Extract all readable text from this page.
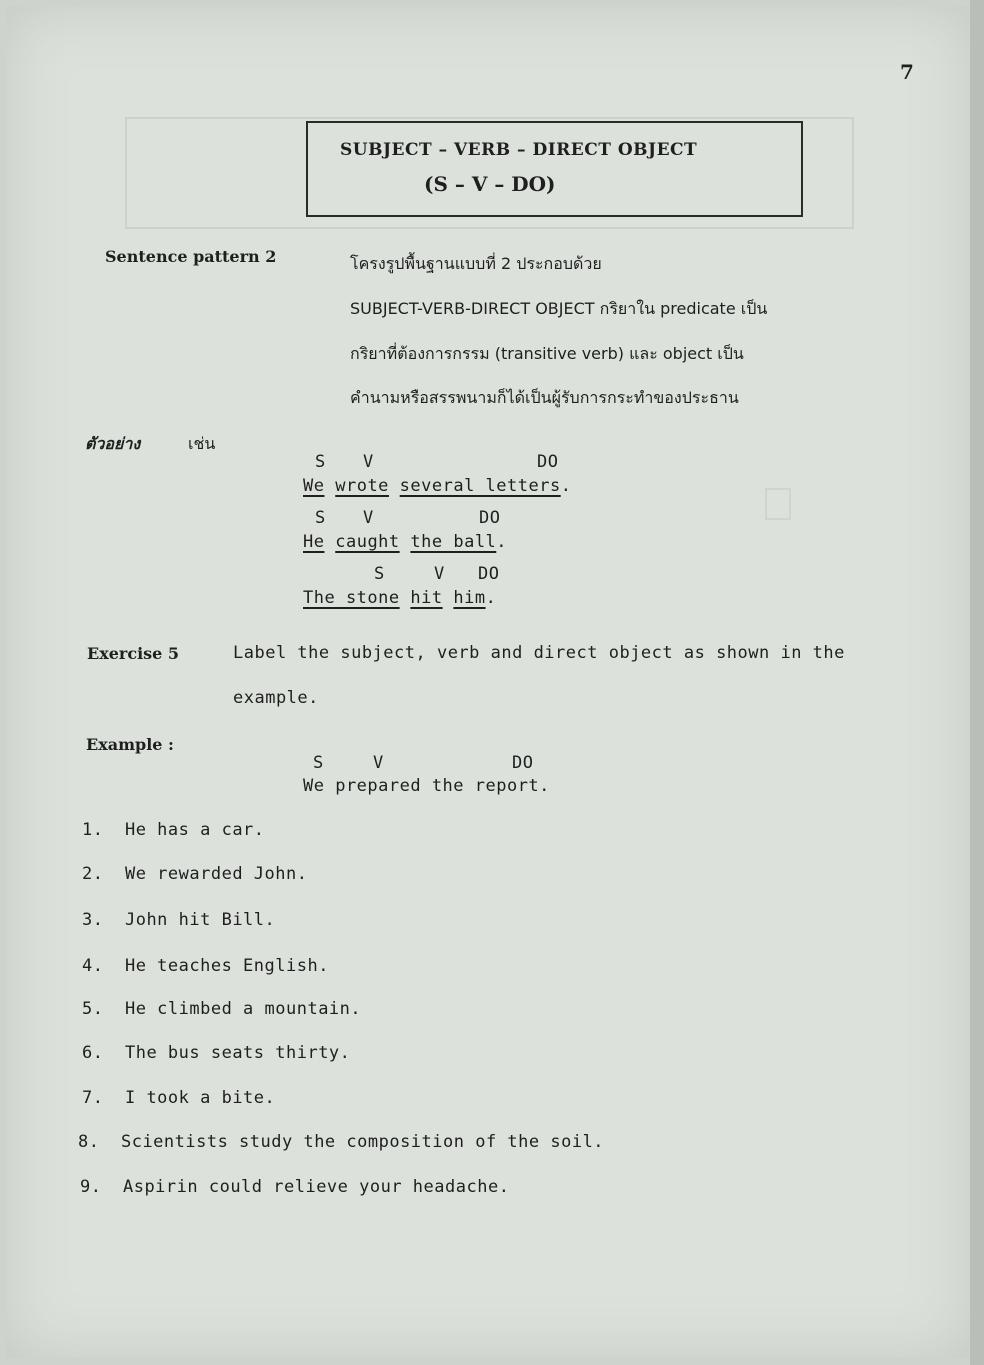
7
SUBJECT – VERB – DIRECT OBJECT
(S – V – DO)
Sentence pattern 2	โครงรูปพื้นฐานแบบที่ 2 ประกอบด้วย
SUBJECT-VERB-DIRECT OBJECT กริยาใน predicate เป็น
กริยาที่ต้องการกรรม (transitive verb) และ object เป็น
คำนามหรือสรรพนามก็ได้เป็นผู้รับการกระทำของประธาน
ตัวอย่าง	เช่น
S V	DO
We wrote several letters.
S V	DO
He caught the ball.
S	V DO
The stone hit him.
Exercise 5	Label the subject, verb and direct object as shown in the
example.
Example :
S	V	DO
We prepared the report.
1. He has a car.
2. We rewarded John.
3. John hit Bill.
4. He teaches English.
5. He climbed a mountain.
6. The bus seats thirty.
7. I took a bite.
8. Scientists study the composition of the soil.
9. Aspirin could relieve your headache.
